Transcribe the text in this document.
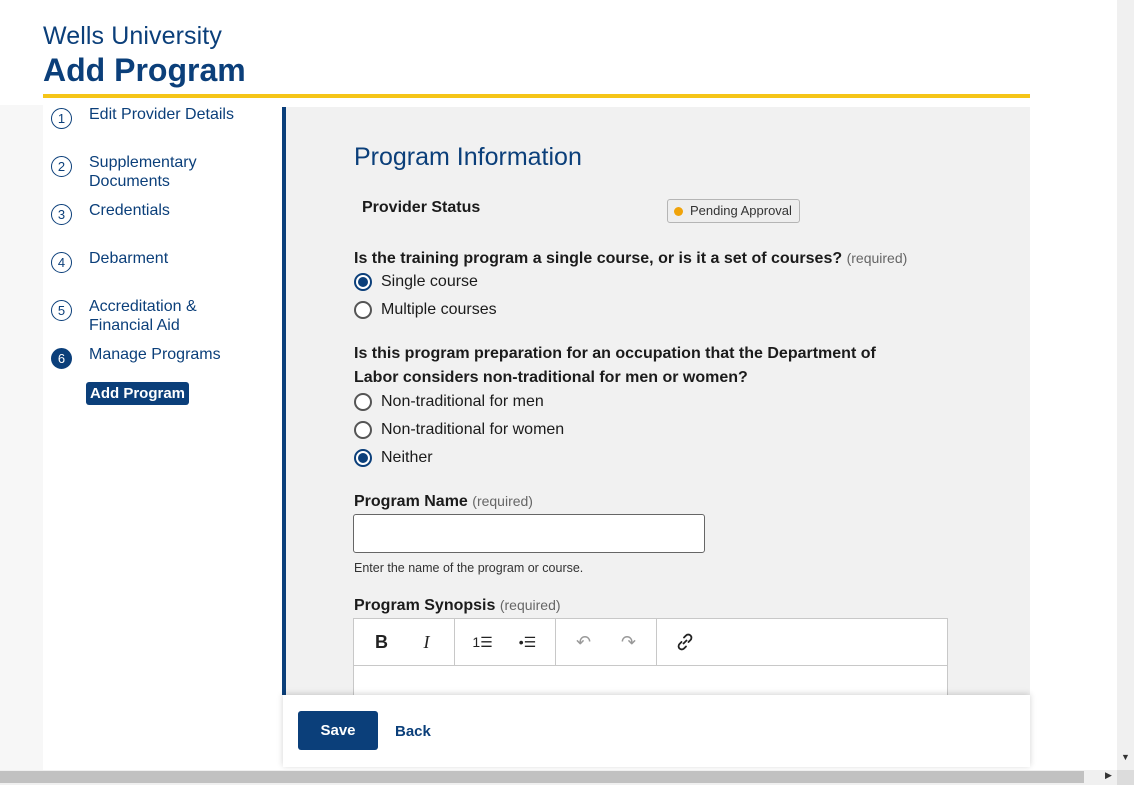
Wells University
Add Program
1	Edit Provider Details
2	Supplementary Documents
3	Credentials
4	Debarment
5	Accreditation & Financial Aid
6	Manage Programs
Add Program
Program Information
Provider Status	Pending Approval
Is the training program a single course, or is it a set of courses? (required)
Single course
Multiple courses
Is this program preparation for an occupation that the Department of Labor considers non-traditional for men or women?
Non-traditional for men
Non-traditional for women
Neither
Program Name (required)
Enter the name of the program or course.
Program Synopsis (required)
B	I	1☰	•☰	↶	↷
Save	Back
▼
▶
